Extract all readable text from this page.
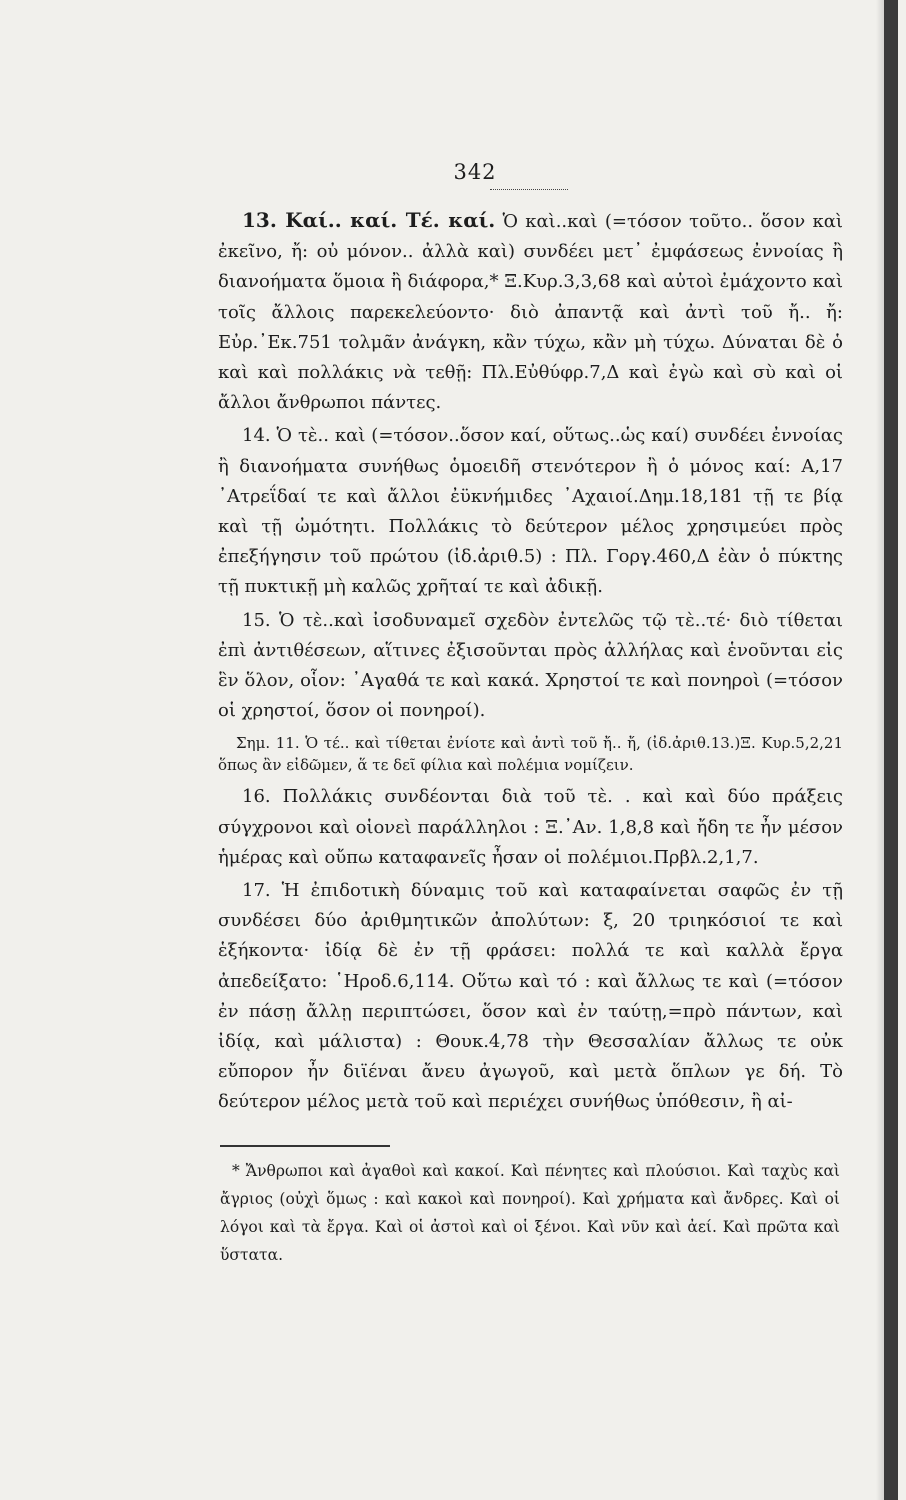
342

13. Καί.. καί. Τέ. καί. Ὁ καὶ..καὶ (=τόσον τοῦτο.. ὅσον καὶ ἐκεῖνο, ἤ: οὐ μόνον.. ἀλλὰ καὶ) συνδέει μετ᾽ ἐμφάσεως ἐννοίας ἢ διανοήματα ὅμοια ἢ διάφορα,* Ξ.Κυρ.3,3,68 καὶ αὐτοὶ ἐμάχοντο καὶ τοῖς ἄλλοις παρεκελεύοντο· διὸ ἀπαντᾷ καὶ ἀντὶ τοῦ ἤ.. ἤ: Εὐρ.᾽Εκ.751 τολμᾶν ἀνάγκη, κἂν τύχω, κἂν μὴ τύχω. Δύναται δὲ ὁ καὶ καὶ πολλάκις νὰ τεθῇ: Πλ.Εὐθύφρ.7,Δ καὶ ἐγὼ καὶ σὺ καὶ οἱ ἄλλοι ἄνθρωποι πάντες.

14. Ὁ τὲ.. καὶ (=τόσον..ὅσον καί, οὕτως..ὡς καί) συνδέει ἐννοίας ἢ διανοήματα συνήθως ὁμοειδῆ στενότερον ἢ ὁ μόνος καί: Α,17 ᾽Ατρεΐδαί τε καὶ ἄλλοι ἐϋκνήμιδες ᾽Αχαιοί.Δημ.18,181 τῇ τε βίᾳ καὶ τῇ ὠμότητι. Πολλάκις τὸ δεύτερον μέλος χρησιμεύει πρὸς ἐπεξήγησιν τοῦ πρώτου (ἰδ.ἀριθ.5) : Πλ. Γοργ.460,Δ ἐὰν ὁ πύκτης τῇ πυκτικῇ μὴ καλῶς χρῆταί τε καὶ ἀδικῇ.

15. Ὁ τὲ..καὶ ἰσοδυναμεῖ σχεδὸν ἐντελῶς τῷ τὲ..τέ· διὸ τίθεται ἐπὶ ἀντιθέσεων, αἵτινες ἐξισοῦνται πρὸς ἀλλήλας καὶ ἑνοῦνται εἰς ἓν ὅλον, οἷον: ᾽Αγαθά τε καὶ κακά. Χρηστοί τε καὶ πονηροὶ (=τόσον οἱ χρηστοί, ὅσον οἱ πονηροί).

Σημ. 11. Ὁ τέ.. καὶ τίθεται ἐνίοτε καὶ ἀντὶ τοῦ ἤ.. ἤ, (ἰδ.ἀριθ.13.)Ξ. Κυρ.5,2,21 ὅπως ἂν εἰδῶμεν, ἅ τε δεῖ φίλια καὶ πολέμια νομίζειν.

16. Πολλάκις συνδέονται διὰ τοῦ τὲ. . καὶ καὶ δύο πράξεις σύγχρονοι καὶ οἱονεὶ παράλληλοι : Ξ.᾽Αν. 1,8,8 καὶ ἤδη τε ἦν μέσον ἡμέρας καὶ οὔπω καταφανεῖς ἦσαν οἱ πολέμιοι.Πρβλ.2,1,7.

17. Ἡ ἐπιδοτικὴ δύναμις τοῦ καὶ καταφαίνεται σαφῶς ἐν τῇ συνδέσει δύο ἀριθμητικῶν ἀπολύτων: ξ, 20 τριηκόσιοί τε καὶ ἑξήκοντα· ἰδίᾳ δὲ ἐν τῇ φράσει: πολλά τε καὶ καλλὰ ἔργα ἀπεδείξατο: ῾Ηροδ.6,114. Οὕτω καὶ τό : καὶ ἄλλως τε καὶ (=τόσον ἐν πάσῃ ἄλλῃ περιπτώσει, ὅσον καὶ ἐν ταύτῃ,=πρὸ πάντων, καὶ ἰδίᾳ, καὶ μάλιστα) : Θουκ.4,78 τὴν Θεσσαλίαν ἄλλως τε οὐκ εὔπορον ἦν διϊέναι ἄνευ ἀγωγοῦ, καὶ μετὰ ὅπλων γε δή. Τὸ δεύτερον μέλος μετὰ τοῦ καὶ περιέχει συνήθως ὑπόθεσιν, ἢ αἰ-

* Ἄνθρωποι καὶ ἀγαθοὶ καὶ κακοί. Καὶ πένητες καὶ πλούσιοι. Καὶ ταχὺς καὶ ἄγριος (οὐχὶ ὅμως : καὶ κακοὶ καὶ πονηροί). Καὶ χρήματα καὶ ἄνδρες. Καὶ οἱ λόγοι καὶ τὰ ἔργα. Καὶ οἱ ἀστοὶ καὶ οἱ ξένοι. Καὶ νῦν καὶ ἀεί. Καὶ πρῶτα καὶ ὕστατα.
